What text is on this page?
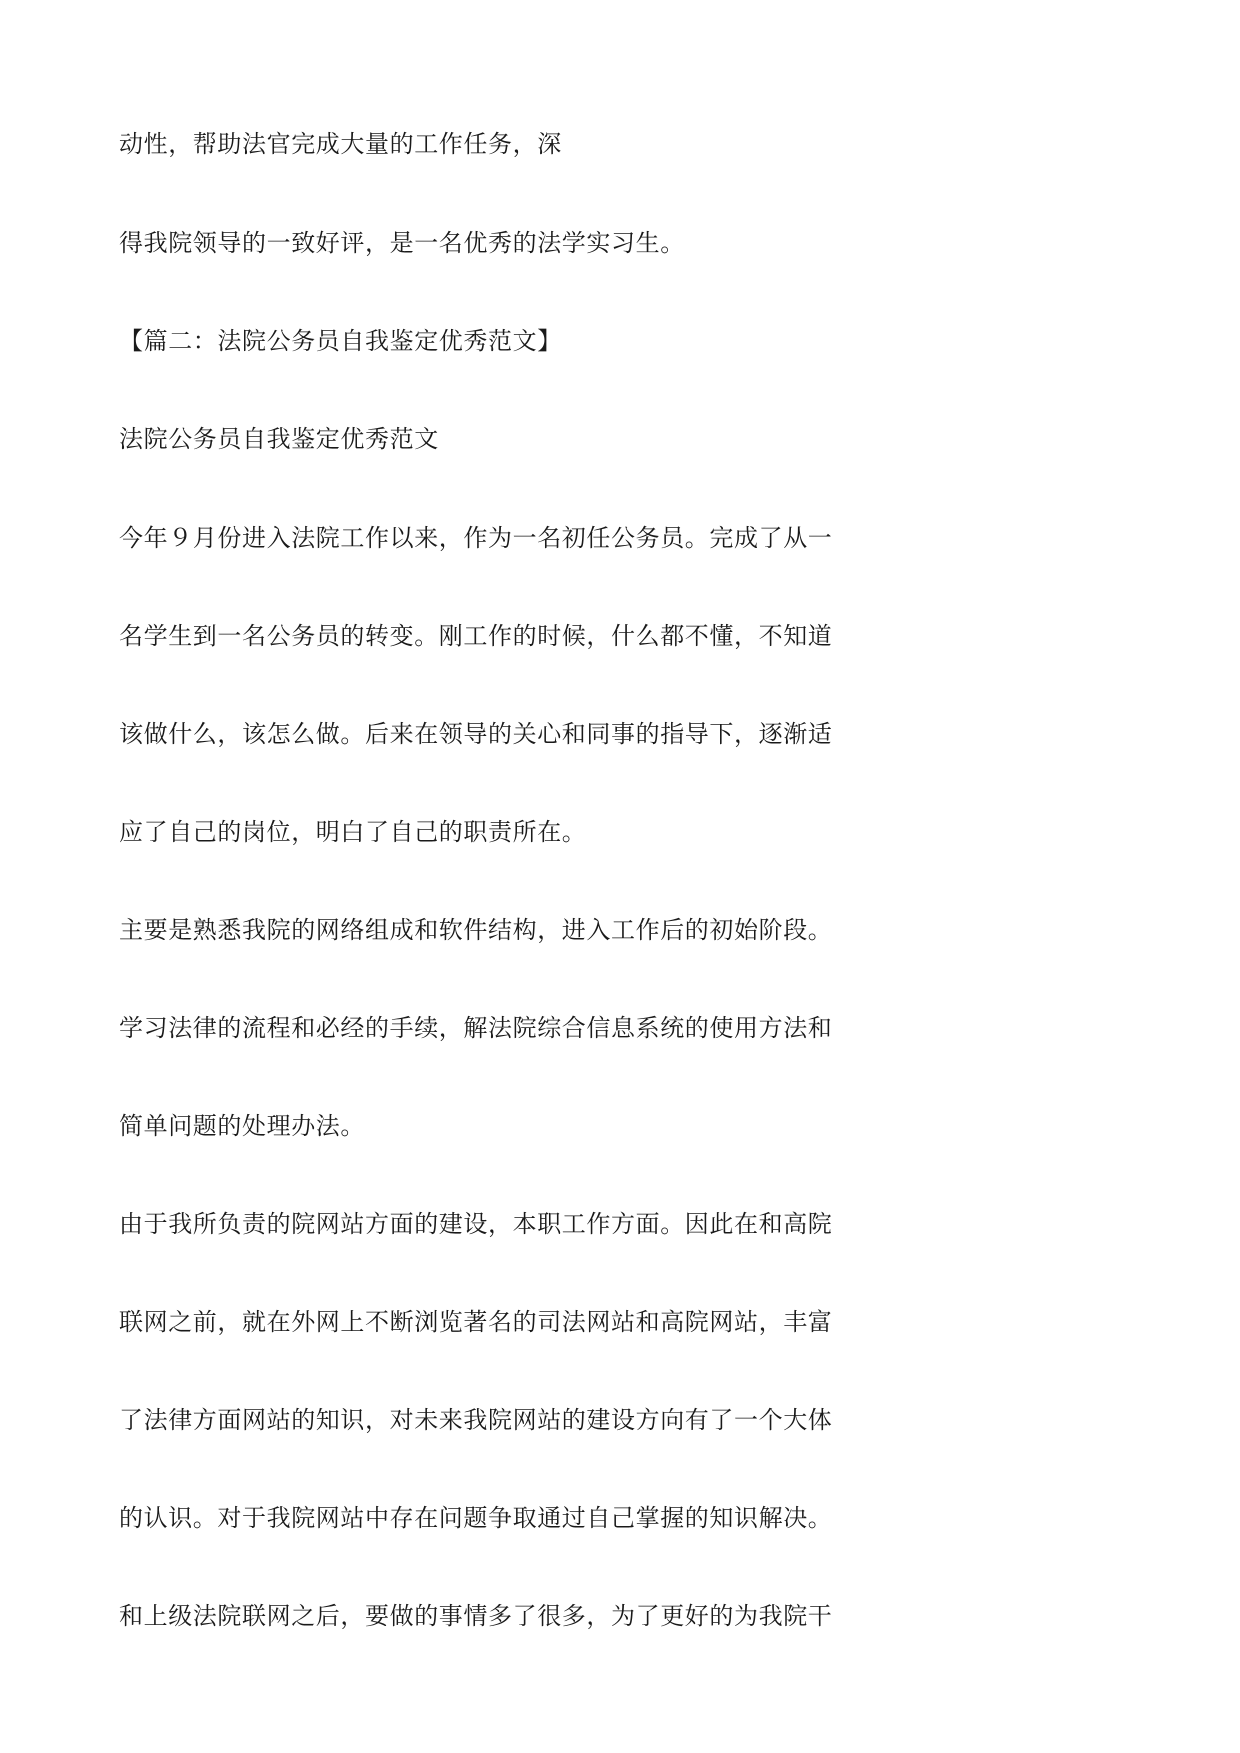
动性，帮助法官完成大量的工作任务，深

得我院领导的一致好评，是一名优秀的法学实习生。

【篇二：法院公务员自我鉴定优秀范文】

法院公务员自我鉴定优秀范文

今年９月份进入法院工作以来，作为一名初任公务员。完成了从一

名学生到一名公务员的转变。刚工作的时候，什么都不懂，不知道

该做什么，该怎么做。后来在领导的关心和同事的指导下，逐渐适

应了自己的岗位，明白了自己的职责所在。

主要是熟悉我院的网络组成和软件结构，进入工作后的初始阶段。

学习法律的流程和必经的手续，解法院综合信息系统的使用方法和

简单问题的处理办法。

由于我所负责的院网站方面的建设，本职工作方面。因此在和高院

联网之前，就在外网上不断浏览著名的司法网站和高院网站，丰富

了法律方面网站的知识，对未来我院网站的建设方向有了一个大体

的认识。对于我院网站中存在问题争取通过自己掌握的知识解决。

和上级法院联网之后，要做的事情多了很多，为了更好的为我院干
